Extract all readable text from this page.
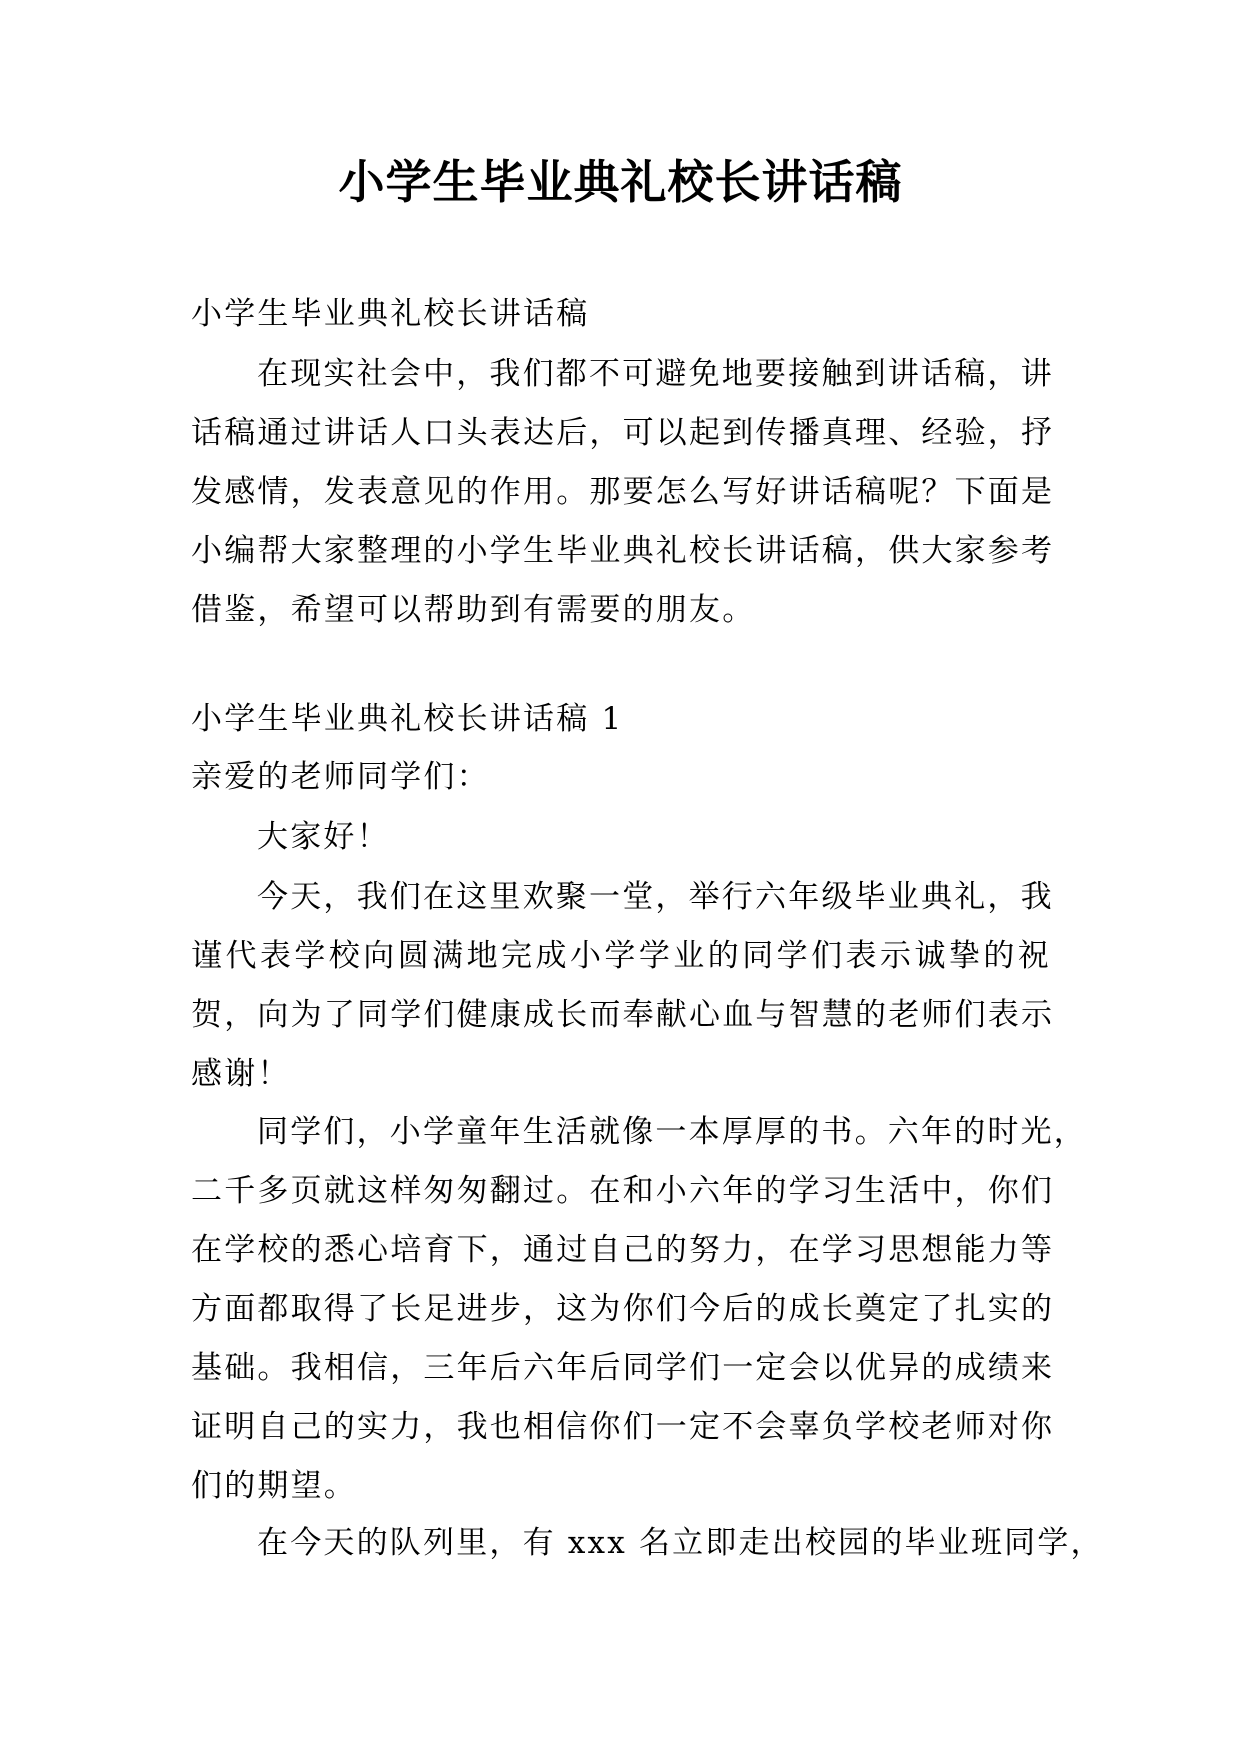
小学生毕业典礼校长讲话稿
小学生毕业典礼校长讲话稿
在现实社会中，我们都不可避免地要接触到讲话稿，讲
话稿通过讲话人口头表达后，可以起到传播真理、经验，抒
发感情，发表意见的作用。那要怎么写好讲话稿呢？下面是
小编帮大家整理的小学生毕业典礼校长讲话稿，供大家参考
借鉴，希望可以帮助到有需要的朋友。
小学生毕业典礼校长讲话稿 1
亲爱的老师同学们：
大家好！
今天，我们在这里欢聚一堂，举行六年级毕业典礼，我
谨代表学校向圆满地完成小学学业的同学们表示诚挚的祝
贺，向为了同学们健康成长而奉献心血与智慧的老师们表示
感谢！
同学们，小学童年生活就像一本厚厚的书。六年的时光，
二千多页就这样匆匆翻过。在和小六年的学习生活中，你们
在学校的悉心培育下，通过自己的努力，在学习思想能力等
方面都取得了长足进步，这为你们今后的成长奠定了扎实的
基础。我相信，三年后六年后同学们一定会以优异的成绩来
证明自己的实力，我也相信你们一定不会辜负学校老师对你
们的期望。
在今天的队列里，有 xxx 名立即走出校园的毕业班同学，
